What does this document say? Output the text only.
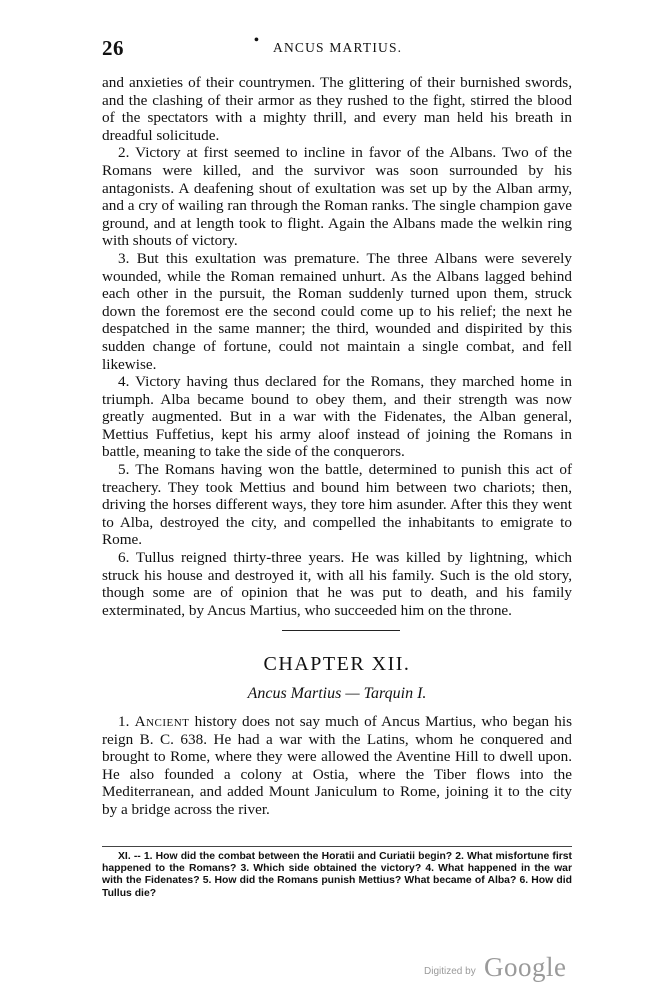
26	• ANCUS MARTIUS.

and anxieties of their countrymen. The glittering of their burnished swords, and the clashing of their armor as they rushed to the fight, stirred the blood of the spectators with a mighty thrill, and every man held his breath in dreadful solicitude.

2. Victory at first seemed to incline in favor of the Albans. Two of the Romans were killed, and the survivor was soon surrounded by his antagonists. A deafening shout of exultation was set up by the Alban army, and a cry of wailing ran through the Roman ranks. The single champion gave ground, and at length took to flight. Again the Albans made the welkin ring with shouts of victory.

3. But this exultation was premature. The three Albans were severely wounded, while the Roman remained unhurt. As the Albans lagged behind each other in the pursuit, the Roman suddenly turned upon them, struck down the foremost ere the second could come up to his relief; the next he despatched in the same manner; the third, wounded and dispirited by this sudden change of fortune, could not maintain a single combat, and fell likewise.

4. Victory having thus declared for the Romans, they marched home in triumph. Alba became bound to obey them, and their strength was now greatly augmented. But in a war with the Fidenates, the Alban general, Mettius Fuffetius, kept his army aloof instead of joining the Romans in battle, meaning to take the side of the conquerors.

5. The Romans having won the battle, determined to punish this act of treachery. They took Mettius and bound him between two chariots; then, driving the horses different ways, they tore him asunder. After this they went to Alba, destroyed the city, and compelled the inhabitants to emigrate to Rome.

6. Tullus reigned thirty-three years. He was killed by lightning, which struck his house and destroyed it, with all his family. Such is the old story, though some are of opinion that he was put to death, and his family exterminated, by Ancus Martius, who succeeded him on the throne.

CHAPTER XII.
Ancus Martius — Tarquin I.

1. Ancient history does not say much of Ancus Martius, who began his reign B. C. 638. He had a war with the Latins, whom he conquered and brought to Rome, where they were allowed the Aventine Hill to dwell upon. He also founded a colony at Ostia, where the Tiber flows into the Mediterranean, and added Mount Janiculum to Rome, joining it to the city by a bridge across the river.

XI. -- 1. How did the combat between the Horatii and Curiatii begin? 2. What misfortune first happened to the Romans? 3. Which side obtained the victory? 4. What happened in the war with the Fidenates? 5. How did the Romans punish Mettius? What became of Alba? 6. How did Tullus die?

Digitized by Google
